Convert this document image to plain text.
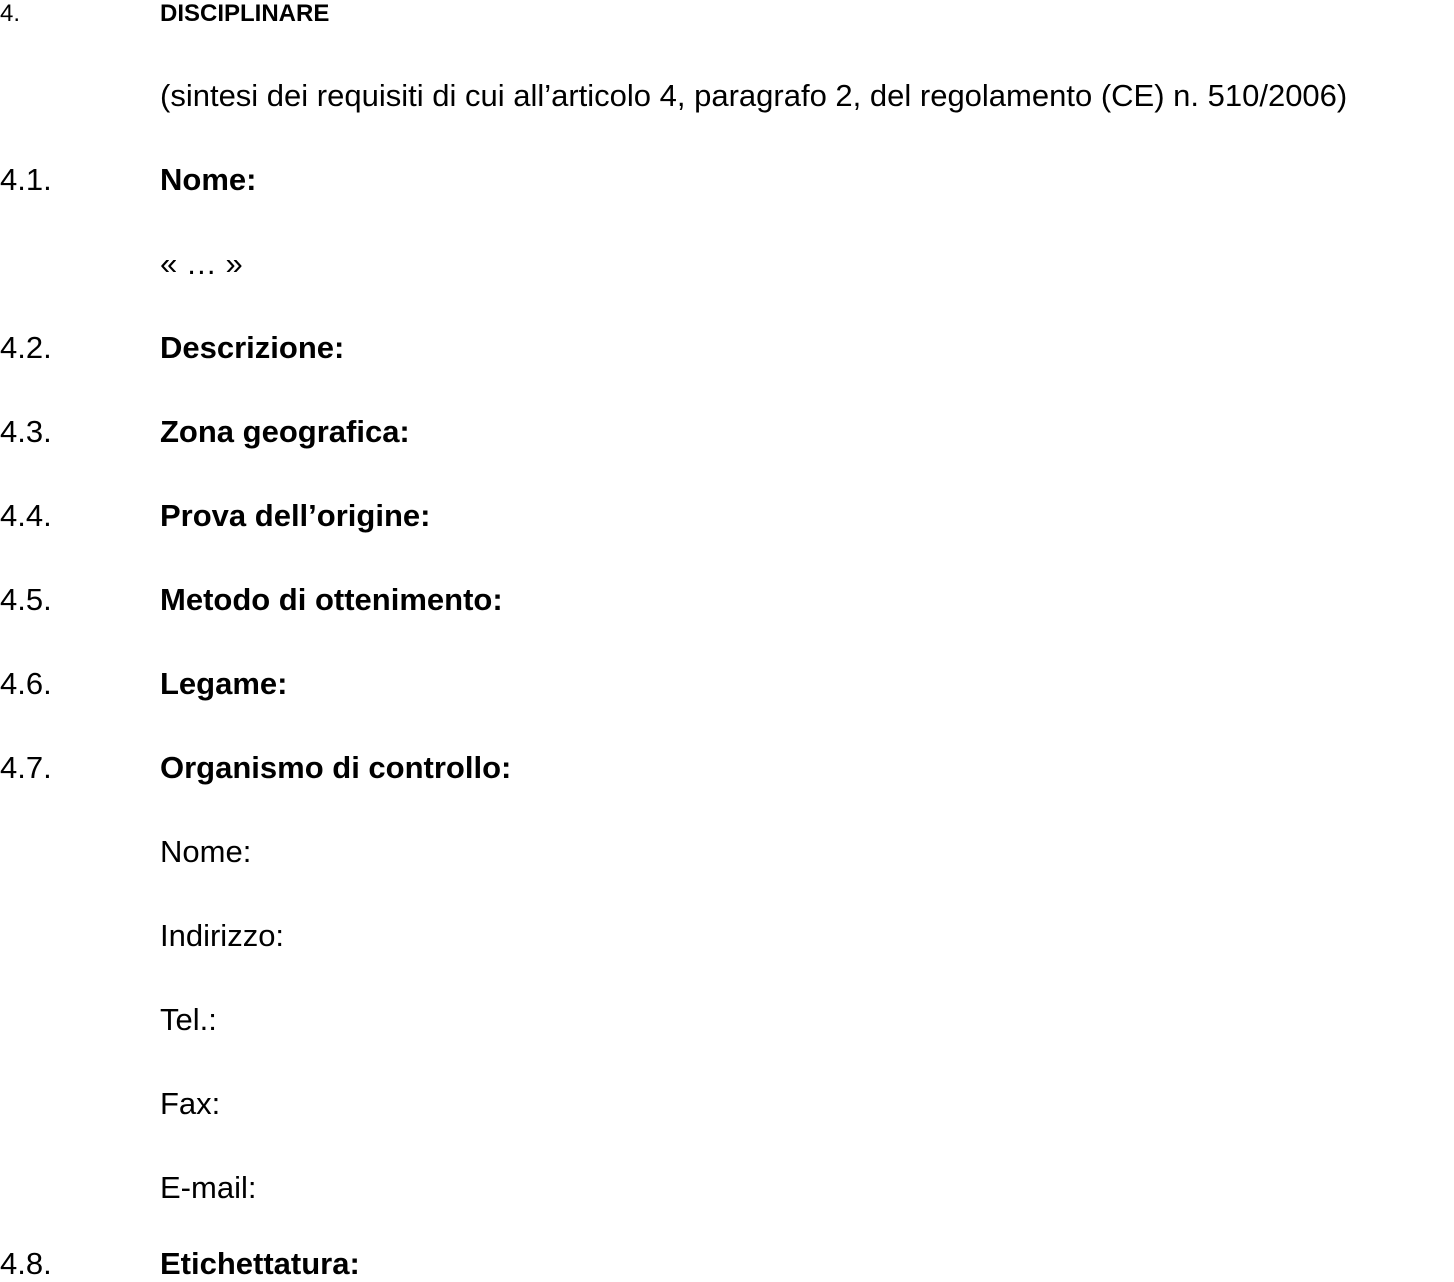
4.	DISCIPLINARE
(sintesi dei requisiti di cui all’articolo 4, paragrafo 2, del regolamento (CE) n. 510/2006)
4.1.	Nome:
« … »
4.2.	Descrizione:
4.3.	Zona geografica:
4.4.	Prova dell’origine:
4.5.	Metodo di ottenimento:
4.6.	Legame:
4.7.	Organismo di controllo:
Nome:
Indirizzo:
Tel.:
Fax:
E-mail:
4.8.	Etichettatura:
